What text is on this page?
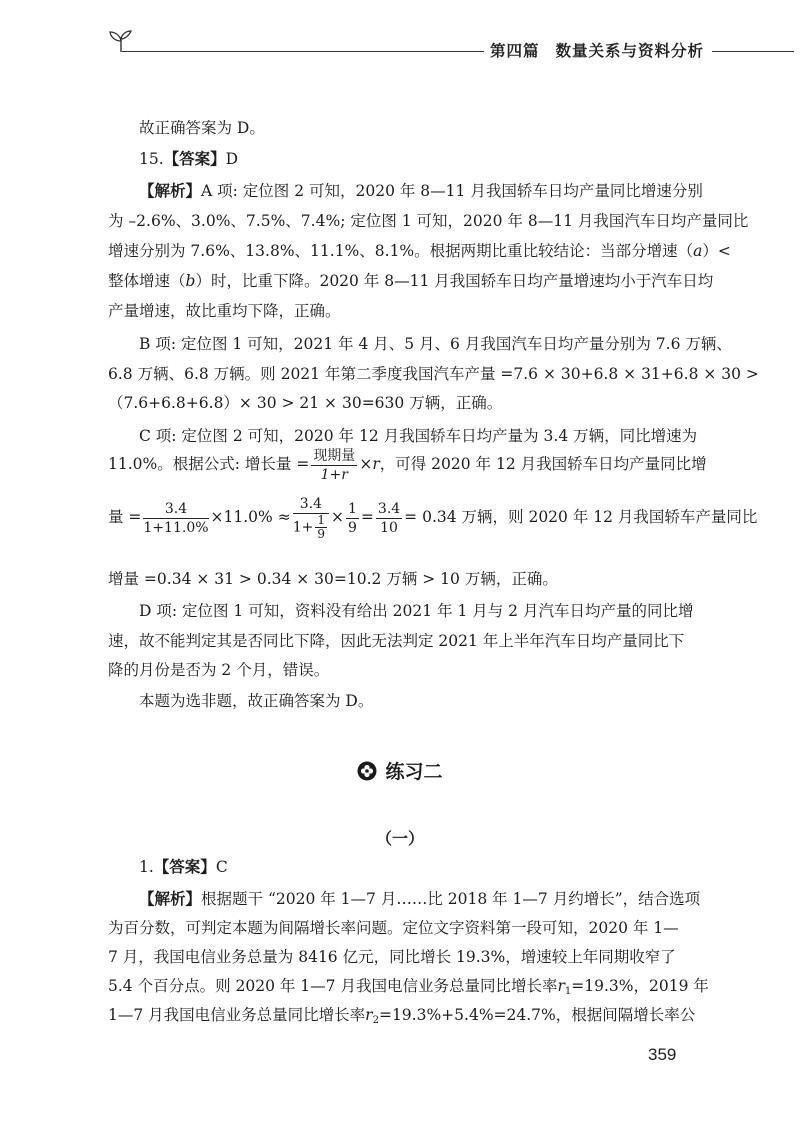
第四篇 数量关系与资料分析
故正确答案为 D。
15.【答案】D
【解析】A 项: 定位图 2 可知，2020 年 8—11 月我国轿车日均产量同比增速分别
为 –2.6%、3.0%、7.5%、7.4%; 定位图 1 可知，2020 年 8—11 月我国汽车日均产量同比
增速分别为 7.6%、13.8%、11.1%、8.1%。根据两期比重比较结论：当部分增速（a）<
整体增速（b）时，比重下降。2020 年 8—11 月我国轿车日均产量增速均小于汽车日均
产量增速，故比重均下降，正确。
B 项: 定位图 1 可知，2021 年 4 月、5 月、6 月我国汽车日均产量分别为 7.6 万辆、
6.8 万辆、6.8 万辆。则 2021 年第二季度我国汽车产量 =7.6 × 30+6.8 × 31+6.8 × 30 >
（7.6+6.8+6.8）× 30 > 21 × 30=630 万辆，正确。
C 项: 定位图 2 可知，2020 年 12 月我国轿车日均产量为 3.4 万辆，同比增速为
11.0%。根据公式: 增长量 = $\frac{\text{现期量}}{1+r} \times r$，可得 2020 年 12 月我国轿车日均产量同比增
量 = $\frac{3.4}{1+11.0\%} \times 11.0\% \approx \frac{3.4}{1+ \frac{1}{9}} \times \frac{1}{9} = \frac{3.4}{10} = 0.34$ 万辆，则 2020 年 12 月我国轿车产量同比
增量 =0.34 × 31 > 0.34 × 30=10.2 万辆 > 10 万辆，正确。
D 项: 定位图 1 可知，资料没有给出 2021 年 1 月与 2 月汽车日均产量的同比增
速，故不能判定其是否同比下降，因此无法判定 2021 年上半年汽车日均产量同比下
降的月份是否为 2 个月，错误。
本题为选非题，故正确答案为 D。
练习二
（一）
1.【答案】C
【解析】根据题干 “2020 年 1—7 月……比 2018 年 1—7 月约增长”，结合选项
为百分数，可判定本题为间隔增长率问题。定位文字资料第一段可知，2020 年 1—
7 月，我国电信业务总量为 8416 亿元，同比增长 19.3%，增速较上年同期收窄了
5.4 个百分点。则 2020 年 1—7 月我国电信业务总量同比增长率$r_1=19.3\%$，2019 年
1—7 月我国电信业务总量同比增长率$r_2=19.3\%+5.4\%=24.7\%$，根据间隔增长率公
359
